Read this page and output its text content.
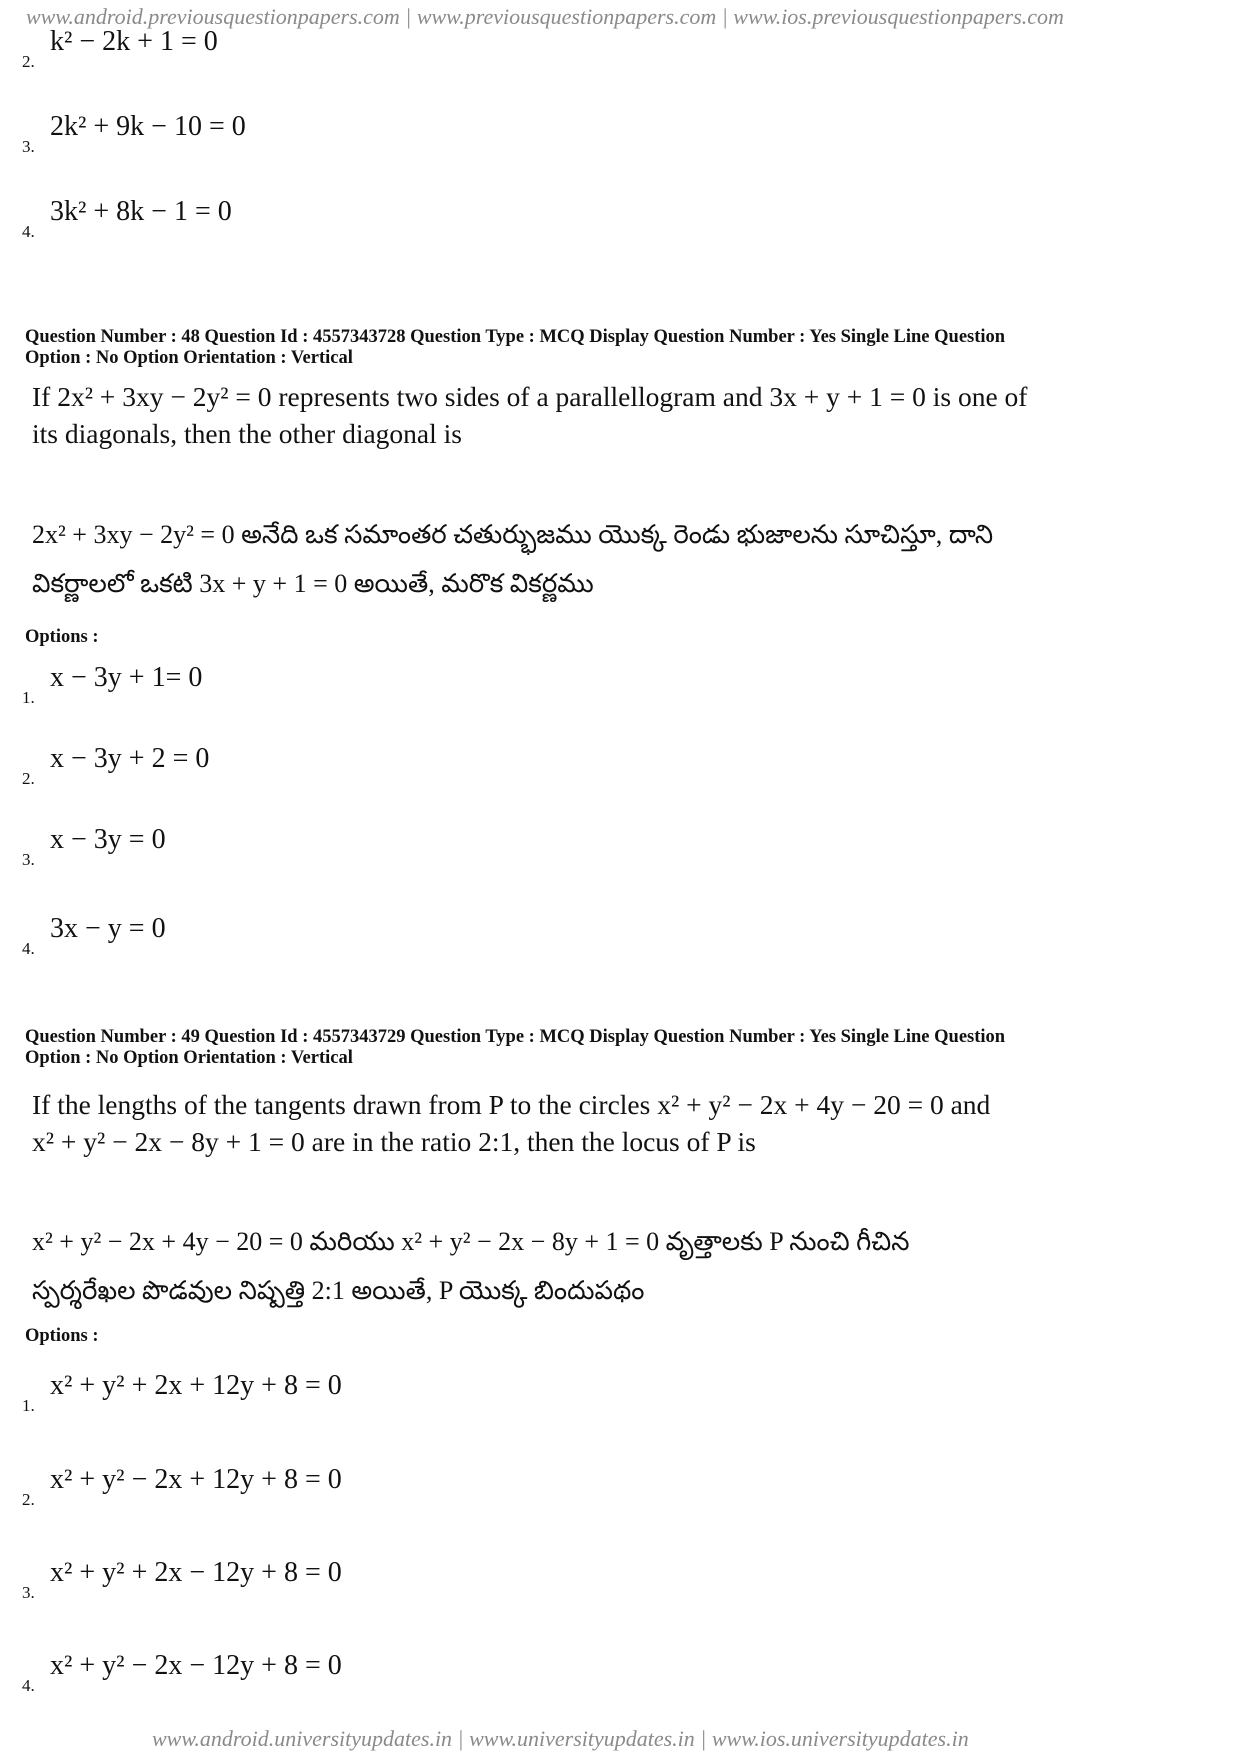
www.android.previousquestionpapers.com | www.previousquestionpapers.com | www.ios.previousquestionpapers.com
2.
k² − 2k + 1 = 0
3.
2k² + 9k − 10 = 0
4.
3k² + 8k − 1 = 0
Question Number : 48 Question Id : 4557343728 Question Type : MCQ Display Question Number : Yes Single Line Question
Option : No Option Orientation : Vertical
If 2x² + 3xy − 2y² = 0 represents two sides of a parallellogram and 3x + y + 1 = 0 is one of
its diagonals, then the other diagonal is
2x² + 3xy − 2y² = 0 అనేది ఒక సమాంతర చతుర్భుజము యొక్క రెండు భుజాలను సూచిస్తూ, దాని
వికర్ణాలలో ఒకటి 3x + y + 1 = 0 అయితే, మరొక వికర్ణము
Options :
1.
x − 3y + 1= 0
2.
x − 3y + 2 = 0
3.
x − 3y = 0
4.
3x − y = 0
Question Number : 49 Question Id : 4557343729 Question Type : MCQ Display Question Number : Yes Single Line Question
Option : No Option Orientation : Vertical
If the lengths of the tangents drawn from P to the circles x² + y² − 2x + 4y − 20 = 0 and
x² + y² − 2x − 8y + 1 = 0 are in the ratio 2:1, then the locus of P is
x² + y² − 2x + 4y − 20 = 0 మరియు x² + y² − 2x − 8y + 1 = 0 వృత్తాలకు P నుంచి గీచిన
స్పర్శరేఖల పొడవుల నిష్పత్తి 2:1 అయితే, P యొక్క బిందుపథం
Options :
1.
x² + y² + 2x + 12y + 8 = 0
2.
x² + y² − 2x + 12y + 8 = 0
3.
x² + y² + 2x − 12y + 8 = 0
4.
x² + y² − 2x − 12y + 8 = 0
www.android.universityupdates.in | www.universityupdates.in | www.ios.universityupdates.in
